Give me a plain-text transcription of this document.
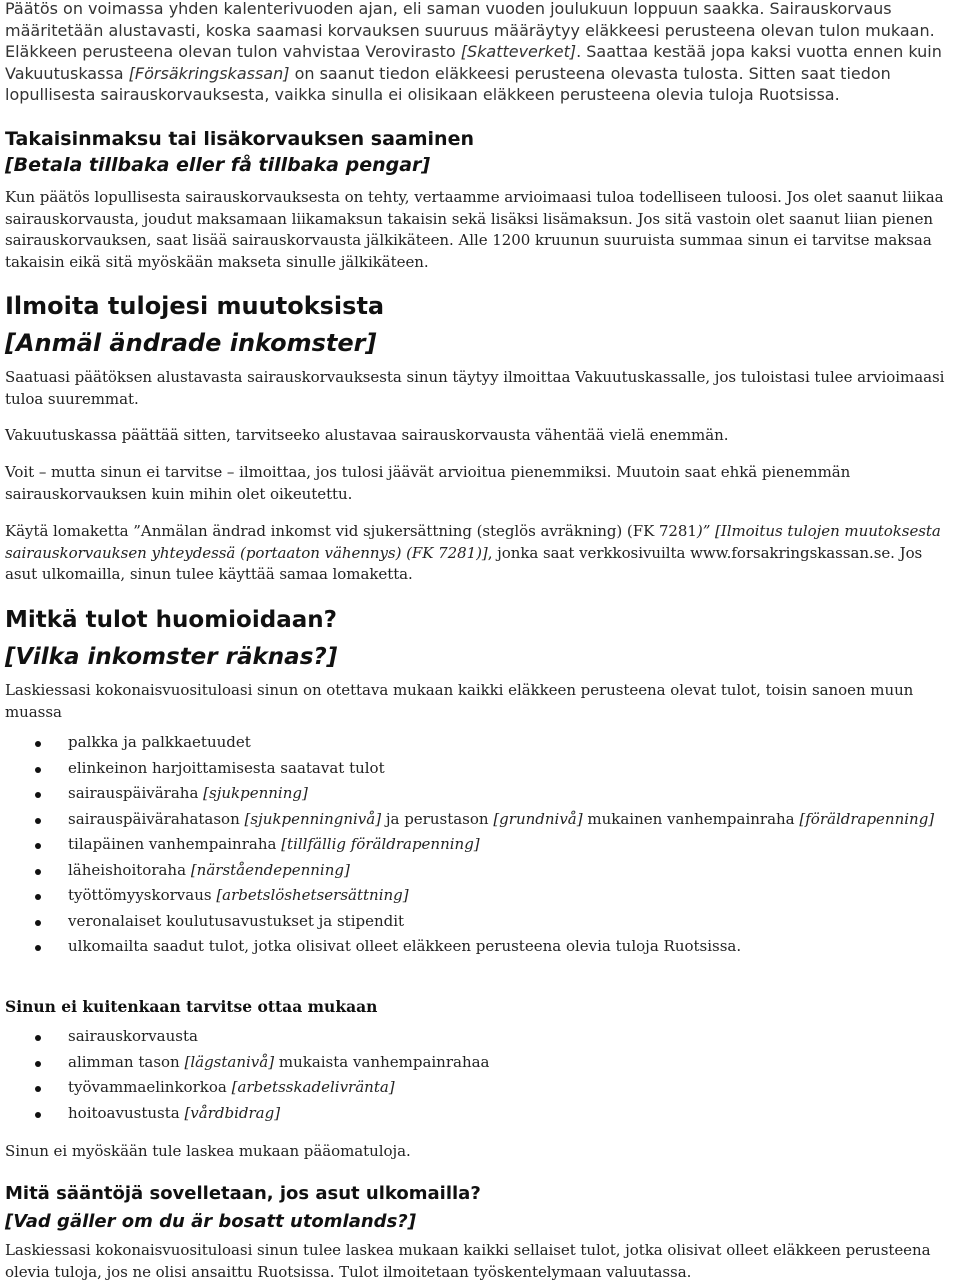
Päätös on voimassa yhden kalenterivuoden ajan, eli saman vuoden joulukuun loppuun saakka. Sairauskorvaus määritetään alustavasti, koska saamasi korvauksen suuruus määräytyy eläkkeesi perusteena olevan tulon mukaan. Eläkkeen perusteena olevan tulon vahvistaa Verovirasto [Skatteverket]. Saattaa kestää jopa kaksi vuotta ennen kuin Vakuutuskassa [Försäkringskassan] on saanut tiedon eläkkeesi perusteena olevasta tulosta. Sitten saat tiedon lopullisesta sairauskorvauksesta, vaikka sinulla ei olisikaan eläkkeen perusteena olevia tuloja Ruotsissa.

Takaisinmaksu tai lisäkorvauksen saaminen
[Betala tillbaka eller få tillbaka pengar]

Kun päätös lopullisesta sairauskorvauksesta on tehty, vertaamme arvioimaasi tuloa todelliseen tuloosi. Jos olet saanut liikaa sairauskorvausta, joudut maksamaan liikamaksun takaisin sekä lisäksi lisämaksun. Jos sitä vastoin olet saanut liian pienen sairauskorvauksen, saat lisää sairauskorvausta jälkikäteen. Alle 1200 kruunun suuruista summaa sinun ei tarvitse maksaa takaisin eikä sitä myöskään makseta sinulle jälkikäteen.

Ilmoita tulojesi muutoksista
[Anmäl ändrade inkomster]

Saatuasi päätöksen alustavasta sairauskorvauksesta sinun täytyy ilmoittaa Vakuutuskassalle, jos tuloistasi tulee arvioimaasi tuloa suuremmat.

Vakuutuskassa päättää sitten, tarvitseeko alustavaa sairauskorvausta vähentää vielä enemmän.

Voit – mutta sinun ei tarvitse – ilmoittaa, jos tulosi jäävät arvioitua pienemmiksi. Muutoin saat ehkä pienemmän sairauskorvauksen kuin mihin olet oikeutettu.

Käytä lomaketta ”Anmälan ändrad inkomst vid sjukersättning (steglös avräkning) (FK 7281)” [Ilmoitus tulojen muutoksesta sairauskorvauksen yhteydessä (portaaton vähennys) (FK 7281)], jonka saat verkkosivuilta www.forsakringskassan.se. Jos asut ulkomailla, sinun tulee käyttää samaa lomaketta.

Mitkä tulot huomioidaan?
[Vilka inkomster räknas?]

Laskiessasi kokonaisvuosituloasi sinun on otettava mukaan kaikki eläkkeen perusteena olevat tulot, toisin sanoen muun muassa

palkka ja palkkaetuudet
elinkeinon harjoittamisesta saatavat tulot
sairauspäiväraha [sjukpenning]
sairauspäivärahatason [sjukpenningnivå] ja perustason [grundnivå] mukainen vanhempainraha [föräldrapenning]
tilapäinen vanhempainraha [tillfällig föräldrapenning]
läheishoitoraha [närståendepenning]
työttömyyskorvaus [arbetslöshetsersättning]
veronalaiset koulutusavustukset ja stipendit
ulkomailta saadut tulot, jotka olisivat olleet eläkkeen perusteena olevia tuloja Ruotsissa.

Sinun ei kuitenkaan tarvitse ottaa mukaan

sairauskorvausta
alimman tason [lägstanivå] mukaista vanhempainrahaa
työvammaelinkorkoa [arbetsskadelivränta]
hoitoavustusta [vårdbidrag]

Sinun ei myöskään tule laskea mukaan pääomatuloja.

Mitä sääntöjä sovelletaan, jos asut ulkomailla?
[Vad gäller om du är bosatt utomlands?]

Laskiessasi kokonaisvuosituloasi sinun tulee laskea mukaan kaikki sellaiset tulot, jotka olisivat olleet eläkkeen perusteena olevia tuloja, jos ne olisi ansaittu Ruotsissa. Tulot ilmoitetaan työskentelymaan valuutassa.
